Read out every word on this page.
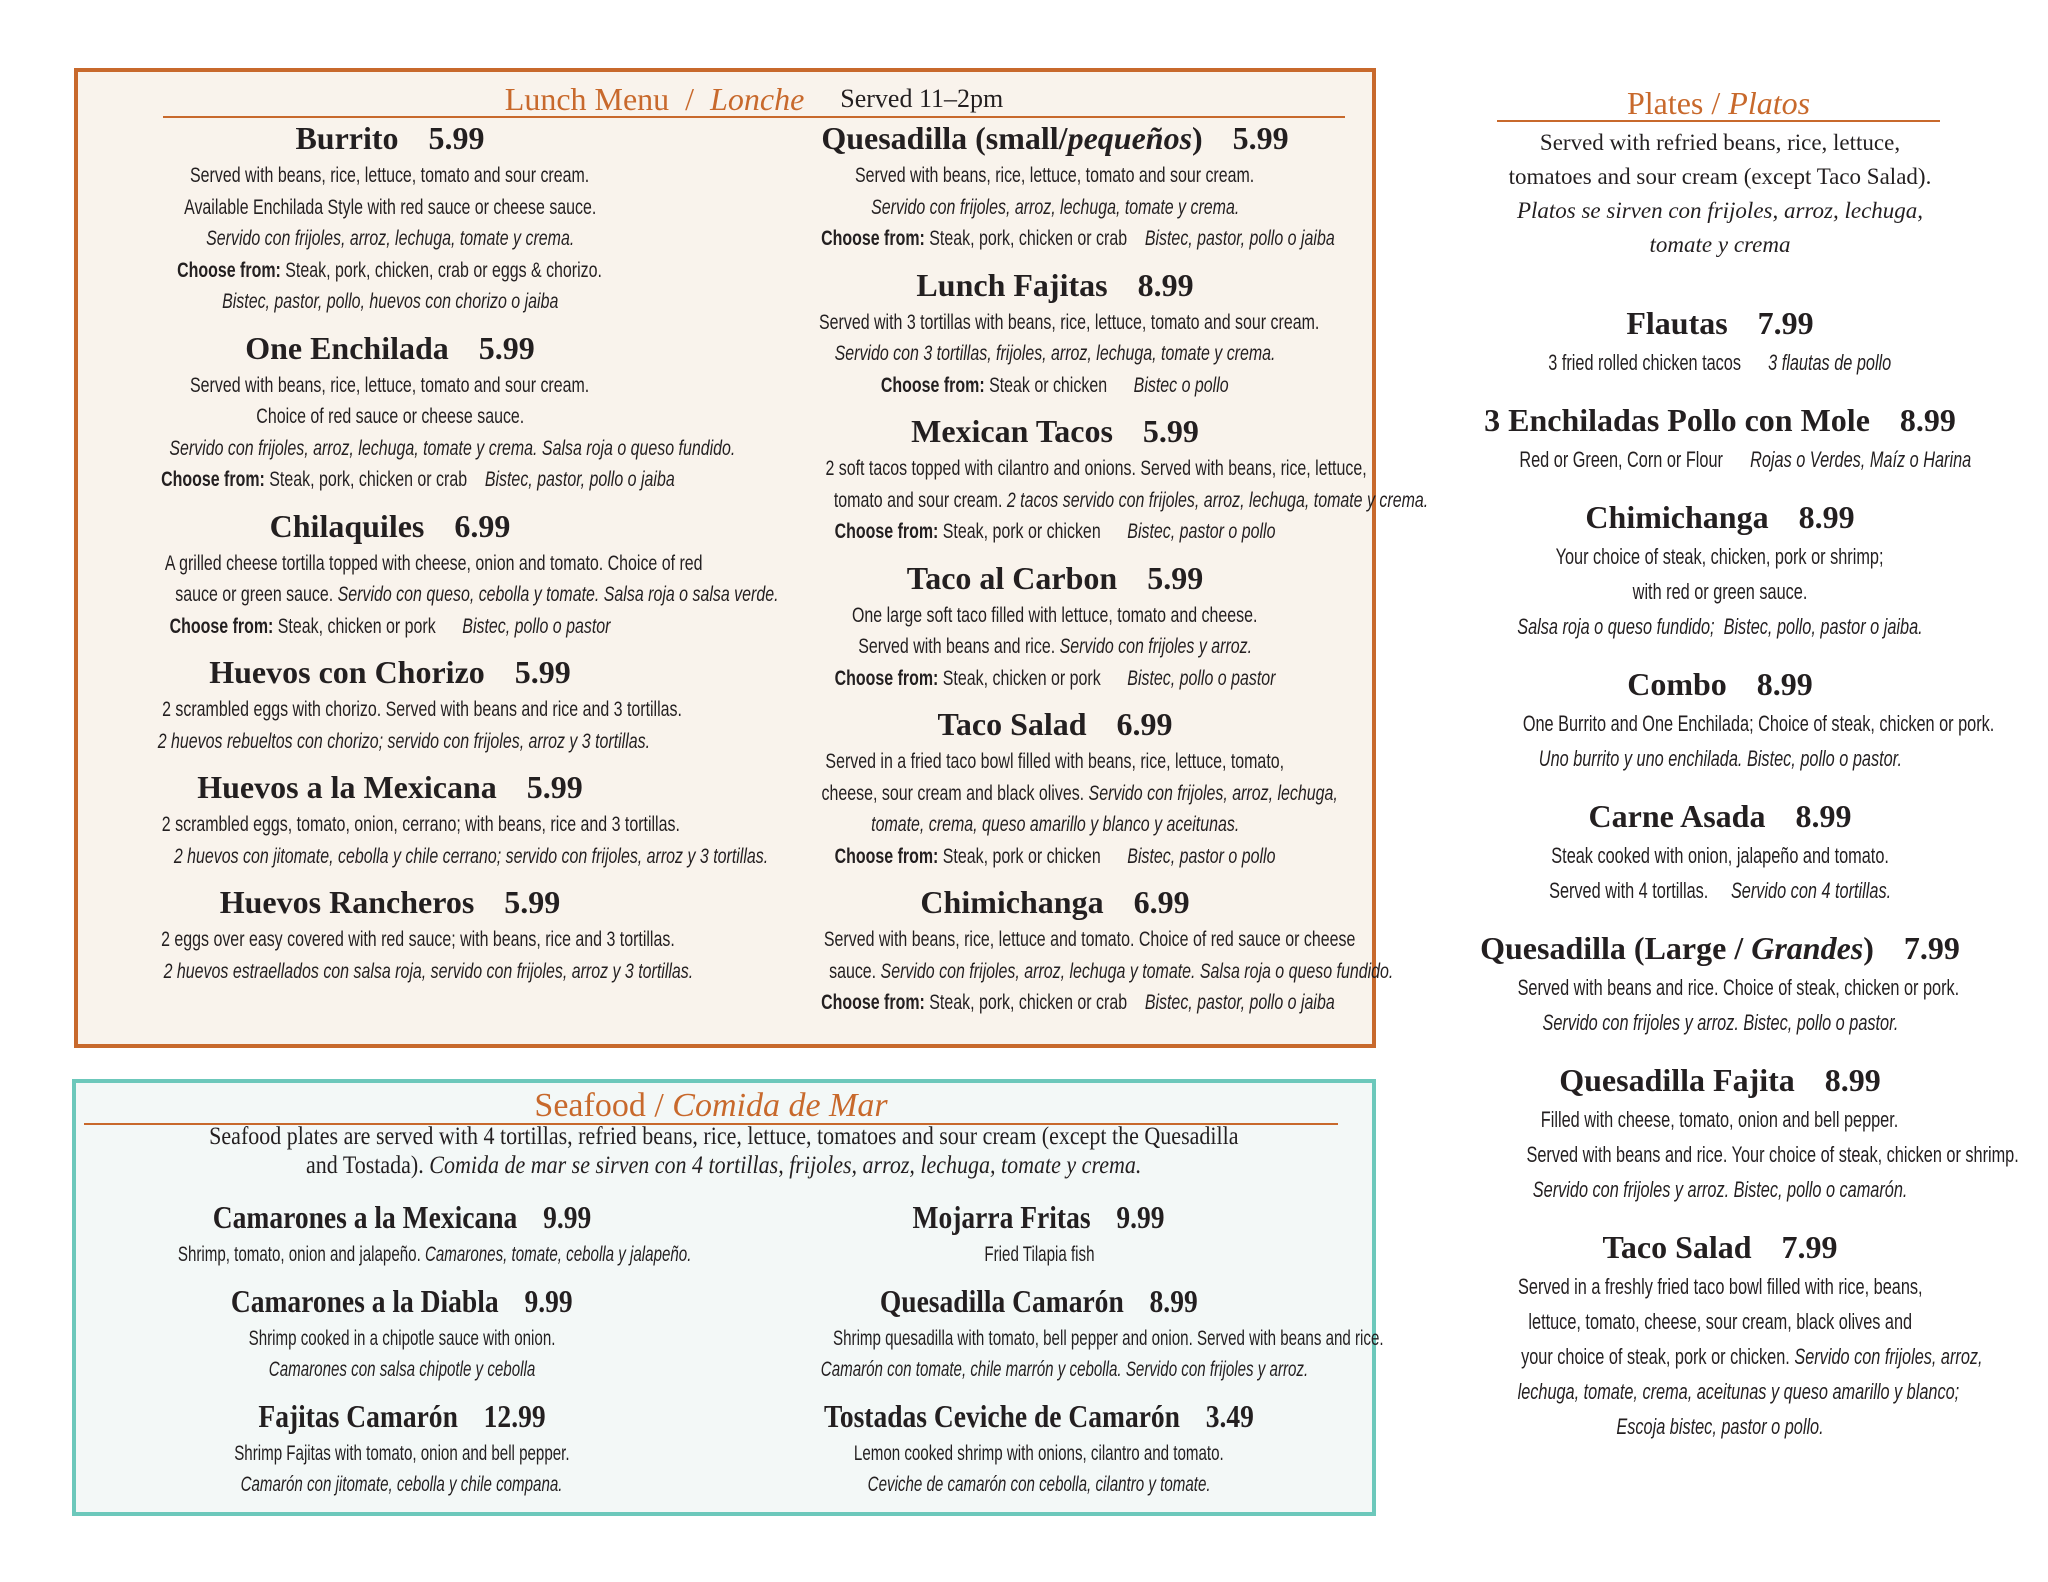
Lunch Menu  / Lonche Served 11–2pm
Burrito 5.99
Served with beans, rice, lettuce, tomato and sour cream.
Available Enchilada Style with red sauce or cheese sauce.
Servido con frijoles, arroz, lechuga, tomate y crema.
Choose from: Steak, pork, chicken, crab or eggs & chorizo.
Bistec, pastor, pollo, huevos con chorizo o jaiba
One Enchilada 5.99
Served with beans, rice, lettuce, tomato and sour cream.
Choice of red sauce or cheese sauce.
Servido con frijoles, arroz, lechuga, tomate y crema. Salsa roja o queso fundido.
Choose from: Steak, pork, chicken or crab    Bistec, pastor, pollo o jaiba
Chilaquiles 6.99
A grilled cheese tortilla topped with cheese, onion and tomato. Choice of red
sauce or green sauce. Servido con queso, cebolla y tomate. Salsa roja o salsa verde.
Choose from: Steak, chicken or pork      Bistec, pollo o pastor
Huevos con Chorizo 5.99
2 scrambled eggs with chorizo. Served with beans and rice and 3 tortillas.
2 huevos rebueltos con chorizo; servido con frijoles, arroz y 3 tortillas.
Huevos a la Mexicana 5.99
2 scrambled eggs, tomato, onion, cerrano; with beans, rice and 3 tortillas.
2 huevos con jitomate, cebolla y chile cerrano; servido con frijoles, arroz y 3 tortillas.
Huevos Rancheros 5.99
2 eggs over easy covered with red sauce; with beans, rice and 3 tortillas.
2 huevos estraellados con salsa roja, servido con frijoles, arroz y 3 tortillas.
Quesadilla (small/pequeños) 5.99
Served with beans, rice, lettuce, tomato and sour cream.
Servido con frijoles, arroz, lechuga, tomate y crema.
Choose from: Steak, pork, chicken or crab    Bistec, pastor, pollo o jaiba
Lunch Fajitas 8.99
Served with 3 tortillas with beans, rice, lettuce, tomato and sour cream.
Servido con 3 tortillas, frijoles, arroz, lechuga, tomate y crema.
Choose from: Steak or chicken      Bistec o pollo
Mexican Tacos 5.99
2 soft tacos topped with cilantro and onions. Served with beans, rice, lettuce,
tomato and sour cream. 2 tacos servido con frijoles, arroz, lechuga, tomate y crema.
Choose from: Steak, pork or chicken      Bistec, pastor o pollo
Taco al Carbon 5.99
One large soft taco filled with lettuce, tomato and cheese.
Served with beans and rice. Servido con frijoles y arroz.
Choose from: Steak, chicken or pork      Bistec, pollo o pastor
Taco Salad 6.99
Served in a fried taco bowl filled with beans, rice, lettuce, tomato,
cheese, sour cream and black olives. Servido con frijoles, arroz, lechuga,
tomate, crema, queso amarillo y blanco y aceitunas.
Choose from: Steak, pork or chicken      Bistec, pastor o pollo
Chimichanga 6.99
Served with beans, rice, lettuce and tomato. Choice of red sauce or cheese
sauce. Servido con frijoles, arroz, lechuga y tomate. Salsa roja o queso fundido.
Choose from: Steak, pork, chicken or crab    Bistec, pastor, pollo o jaiba
Seafood / Comida de Mar
Seafood plates are served with 4 tortillas, refried beans, rice, lettuce, tomatoes and sour cream (except the Quesadilla
and Tostada). Comida de mar se sirven con 4 tortillas, frijoles, arroz, lechuga, tomate y crema.
Camarones a la Mexicana 9.99
Shrimp, tomato, onion and jalapeño. Camarones, tomate, cebolla y jalapeño.
Mojarra Fritas 9.99
Fried Tilapia fish
Camarones a la Diabla 9.99
Shrimp cooked in a chipotle sauce with onion.
Camarones con salsa chipotle y cebolla
Quesadilla Camarón 8.99
Shrimp quesadilla with tomato, bell pepper and onion. Served with beans and rice.
Camarón con tomate, chile marrón y cebolla. Servido con frijoles y arroz.
Fajitas Camarón 12.99
Shrimp Fajitas with tomato, onion and bell pepper.
Camarón con jitomate, cebolla y chile compana.
Tostadas Ceviche de Camarón 3.49
Lemon cooked shrimp with onions, cilantro and tomato.
Ceviche de camarón con cebolla, cilantro y tomate.
Plates / Platos
Served with refried beans, rice, lettuce,
tomatoes and sour cream (except Taco Salad).
Platos se sirven con frijoles, arroz, lechuga,
tomate y crema
Flautas 7.99
3 fried rolled chicken tacos      3 flautas de pollo
3 Enchiladas Pollo con Mole 8.99
Red or Green, Corn or Flour      Rojas o Verdes, Maíz o Harina
Chimichanga 8.99
Your choice of steak, chicken, pork or shrimp;
with red or green sauce.
Salsa roja o queso fundido;  Bistec, pollo, pastor o jaiba.
Combo 8.99
One Burrito and One Enchilada; Choice of steak, chicken or pork.
Uno burrito y uno enchilada. Bistec, pollo o pastor.
Carne Asada 8.99
Steak cooked with onion, jalapeño and tomato.
Served with 4 tortillas.     Servido con 4 tortillas.
Quesadilla (Large / Grandes) 7.99
Served with beans and rice. Choice of steak, chicken or pork.
Servido con frijoles y arroz. Bistec, pollo o pastor.
Quesadilla Fajita 8.99
Filled with cheese, tomato, onion and bell pepper.
Served with beans and rice. Your choice of steak, chicken or shrimp.
Servido con frijoles y arroz. Bistec, pollo o camarón.
Taco Salad 7.99
Served in a freshly fried taco bowl filled with rice, beans,
lettuce, tomato, cheese, sour cream, black olives and
your choice of steak, pork or chicken. Servido con frijoles, arroz,
lechuga, tomate, crema, aceitunas y queso amarillo y blanco;
Escoja bistec, pastor o pollo.
